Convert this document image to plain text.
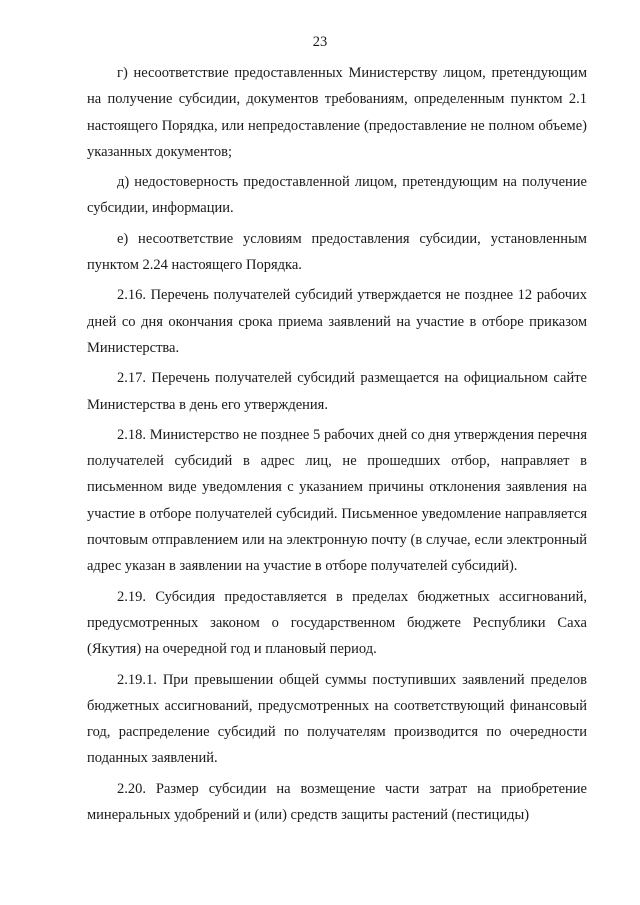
23

г) несоответствие предоставленных Министерству лицом, претендующим на получение субсидии, документов требованиям, определенным пунктом 2.1 настоящего Порядка, или непредоставление (предоставление не полном объеме) указанных документов;

д) недостоверность предоставленной лицом, претендующим на получение субсидии, информации.

е) несоответствие условиям предоставления субсидии, установленным пунктом 2.24 настоящего Порядка.

2.16. Перечень получателей субсидий утверждается не позднее 12 рабочих дней со дня окончания срока приема заявлений на участие в отборе приказом Министерства.

2.17. Перечень получателей субсидий размещается на официальном сайте Министерства в день его утверждения.

2.18. Министерство не позднее 5 рабочих дней со дня утверждения перечня получателей субсидий в адрес лиц, не прошедших отбор, направляет в письменном виде уведомления с указанием причины отклонения заявления на участие в отборе получателей субсидий. Письменное уведомление направляется почтовым отправлением или на электронную почту (в случае, если электронный адрес указан в заявлении на участие в отборе получателей субсидий).

2.19. Субсидия предоставляется в пределах бюджетных ассигнований, предусмотренных законом о государственном бюджете Республики Саха (Якутия) на очередной год и плановый период.

2.19.1. При превышении общей суммы поступивших заявлений пределов бюджетных ассигнований, предусмотренных на соответствующий финансовый год, распределение субсидий по получателям производится по очередности поданных заявлений.

2.20. Размер субсидии на возмещение части затрат на приобретение минеральных удобрений и (или) средств защиты растений (пестициды)
